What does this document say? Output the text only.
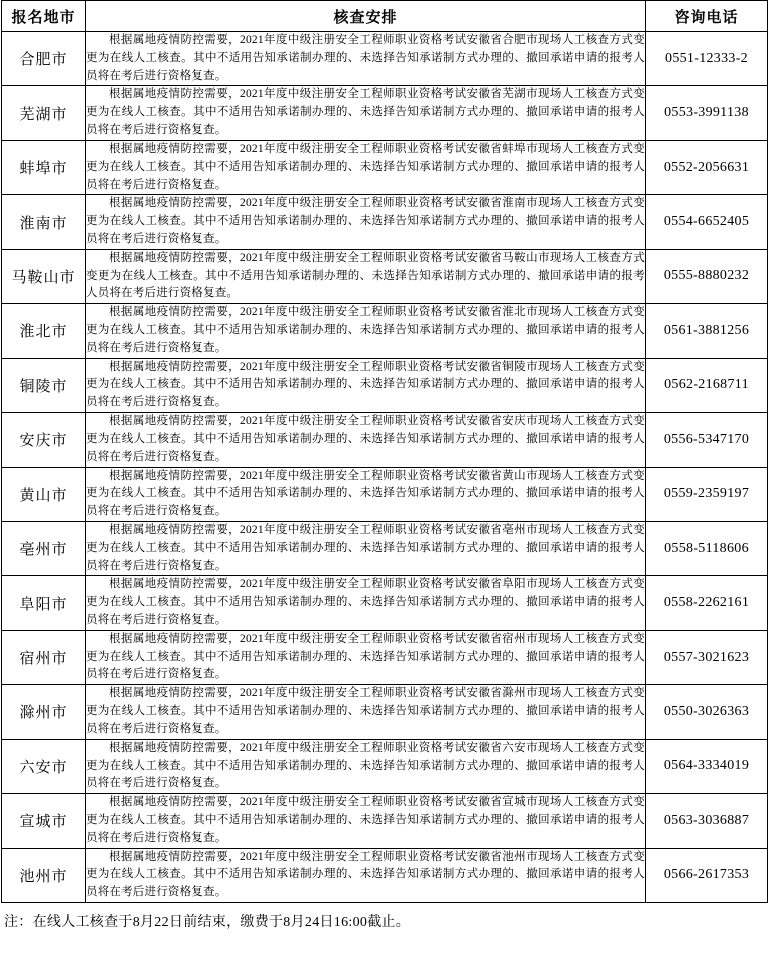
报名地市	核查安排	咨询电话
合肥市	根据属地疫情防控需要，2021年度中级注册安全工程师职业资格考试安徽省合肥市现场人工核查方式变更为在线人工核查。其中不适用告知承诺制办理的、未选择告知承诺制方式办理的、撤回承诺申请的报考人员将在考后进行资格复查。	0551-12333-2
芜湖市	根据属地疫情防控需要，2021年度中级注册安全工程师职业资格考试安徽省芜湖市现场人工核查方式变更为在线人工核查。其中不适用告知承诺制办理的、未选择告知承诺制方式办理的、撤回承诺申请的报考人员将在考后进行资格复查。	0553-3991138
蚌埠市	根据属地疫情防控需要，2021年度中级注册安全工程师职业资格考试安徽省蚌埠市现场人工核查方式变更为在线人工核查。其中不适用告知承诺制办理的、未选择告知承诺制方式办理的、撤回承诺申请的报考人员将在考后进行资格复查。	0552-2056631
淮南市	根据属地疫情防控需要，2021年度中级注册安全工程师职业资格考试安徽省淮南市现场人工核查方式变更为在线人工核查。其中不适用告知承诺制办理的、未选择告知承诺制方式办理的、撤回承诺申请的报考人员将在考后进行资格复查。	0554-6652405
马鞍山市	根据属地疫情防控需要，2021年度中级注册安全工程师职业资格考试安徽省马鞍山市现场人工核查方式变更为在线人工核查。其中不适用告知承诺制办理的、未选择告知承诺制方式办理的、撤回承诺申请的报考人员将在考后进行资格复查。	0555-8880232
淮北市	根据属地疫情防控需要，2021年度中级注册安全工程师职业资格考试安徽省淮北市现场人工核查方式变更为在线人工核查。其中不适用告知承诺制办理的、未选择告知承诺制方式办理的、撤回承诺申请的报考人员将在考后进行资格复查。	0561-3881256
铜陵市	根据属地疫情防控需要，2021年度中级注册安全工程师职业资格考试安徽省铜陵市现场人工核查方式变更为在线人工核查。其中不适用告知承诺制办理的、未选择告知承诺制方式办理的、撤回承诺申请的报考人员将在考后进行资格复查。	0562-2168711
安庆市	根据属地疫情防控需要，2021年度中级注册安全工程师职业资格考试安徽省安庆市现场人工核查方式变更为在线人工核查。其中不适用告知承诺制办理的、未选择告知承诺制方式办理的、撤回承诺申请的报考人员将在考后进行资格复查。	0556-5347170
黄山市	根据属地疫情防控需要，2021年度中级注册安全工程师职业资格考试安徽省黄山市现场人工核查方式变更为在线人工核查。其中不适用告知承诺制办理的、未选择告知承诺制方式办理的、撤回承诺申请的报考人员将在考后进行资格复查。	0559-2359197
亳州市	根据属地疫情防控需要，2021年度中级注册安全工程师职业资格考试安徽省亳州市现场人工核查方式变更为在线人工核查。其中不适用告知承诺制办理的、未选择告知承诺制方式办理的、撤回承诺申请的报考人员将在考后进行资格复查。	0558-5118606
阜阳市	根据属地疫情防控需要，2021年度中级注册安全工程师职业资格考试安徽省阜阳市现场人工核查方式变更为在线人工核查。其中不适用告知承诺制办理的、未选择告知承诺制方式办理的、撤回承诺申请的报考人员将在考后进行资格复查。	0558-2262161
宿州市	根据属地疫情防控需要，2021年度中级注册安全工程师职业资格考试安徽省宿州市现场人工核查方式变更为在线人工核查。其中不适用告知承诺制办理的、未选择告知承诺制方式办理的、撤回承诺申请的报考人员将在考后进行资格复查。	0557-3021623
滁州市	根据属地疫情防控需要，2021年度中级注册安全工程师职业资格考试安徽省滁州市现场人工核查方式变更为在线人工核查。其中不适用告知承诺制办理的、未选择告知承诺制方式办理的、撤回承诺申请的报考人员将在考后进行资格复查。	0550-3026363
六安市	根据属地疫情防控需要，2021年度中级注册安全工程师职业资格考试安徽省六安市现场人工核查方式变更为在线人工核查。其中不适用告知承诺制办理的、未选择告知承诺制方式办理的、撤回承诺申请的报考人员将在考后进行资格复查。	0564-3334019
宣城市	根据属地疫情防控需要，2021年度中级注册安全工程师职业资格考试安徽省宣城市现场人工核查方式变更为在线人工核查。其中不适用告知承诺制办理的、未选择告知承诺制方式办理的、撤回承诺申请的报考人员将在考后进行资格复查。	0563-3036887
池州市	根据属地疫情防控需要，2021年度中级注册安全工程师职业资格考试安徽省池州市现场人工核查方式变更为在线人工核查。其中不适用告知承诺制办理的、未选择告知承诺制方式办理的、撤回承诺申请的报考人员将在考后进行资格复查。	0566-2617353
注：在线人工核查于8月22日前结束，缴费于8月24日16:00截止。
